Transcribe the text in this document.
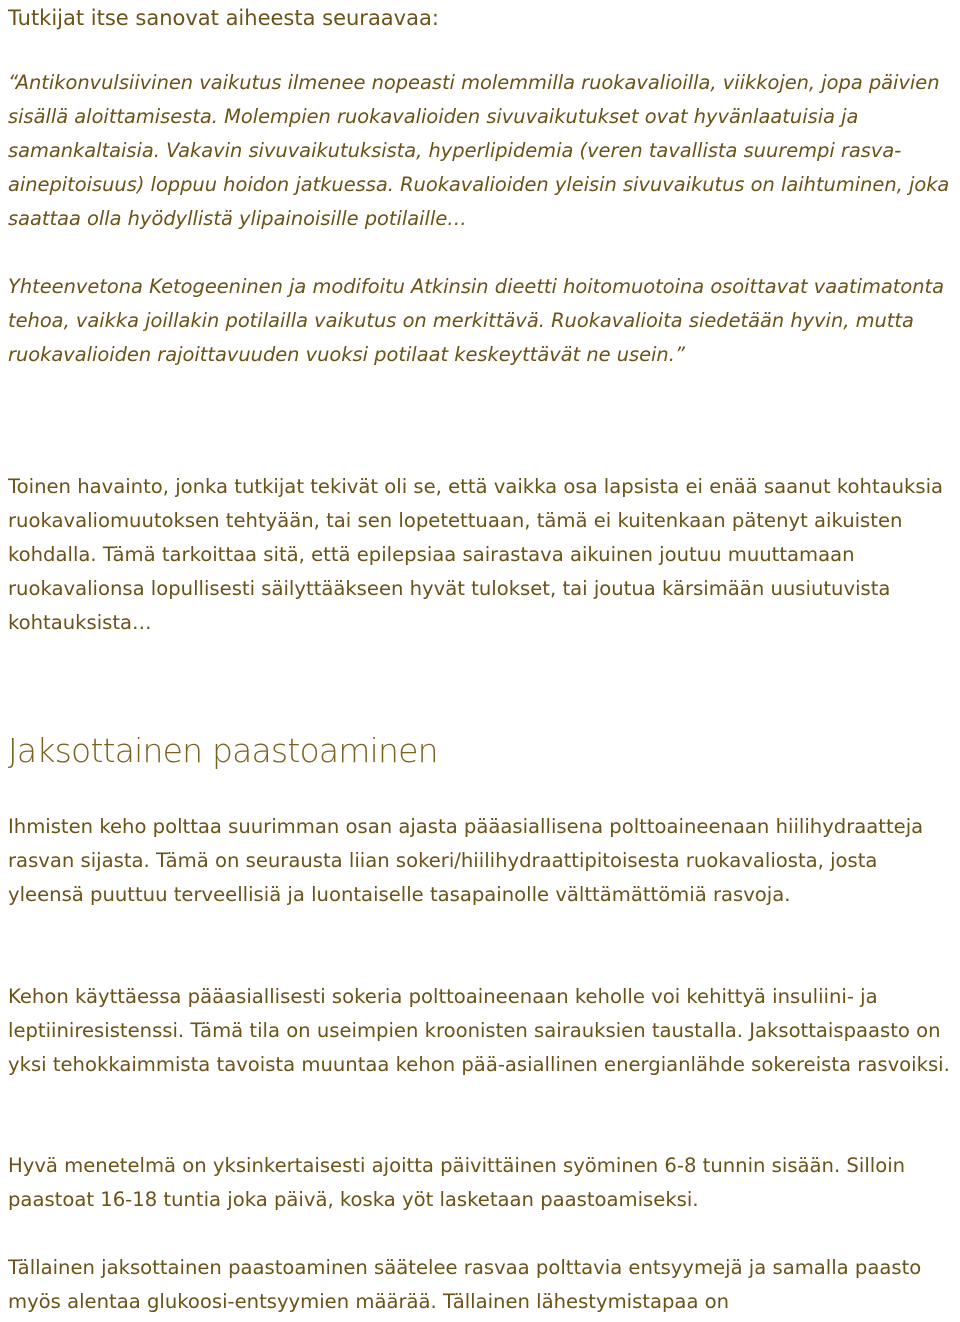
Tutkijat itse sanovat aiheesta seuraavaa:

“Antikonvulsiivinen vaikutus ilmenee nopeasti molemmilla ruokavalioilla, viikkojen, jopa päivien sisällä aloittamisesta. Molempien ruokavalioiden sivuvaikutukset ovat hyvänlaatuisia ja samankaltaisia. Vakavin sivuvaikutuksista, hyperlipidemia (veren tavallista suurempi rasva-ainepitoisuus) loppuu hoidon jatkuessa. Ruokavalioiden yleisin sivuvaikutus on laihtuminen, joka saattaa olla hyödyllistä ylipainoisille potilaille…

Yhteenvetona Ketogeeninen ja modifoitu Atkinsin dieetti hoitomuotoina osoittavat vaatimatonta tehoa, vaikka joillakin potilailla vaikutus on merkittävä. Ruokavalioita siedetään hyvin, mutta ruokavalioiden rajoittavuuden vuoksi potilaat keskeyttävät ne usein.”

Toinen havainto, jonka tutkijat tekivät oli se, että vaikka osa lapsista ei enää saanut kohtauksia ruokavaliomuutoksen tehtyään, tai sen lopetettuaan, tämä ei kuitenkaan pätenyt aikuisten kohdalla. Tämä tarkoittaa sitä, että epilepsiaa sairastava aikuinen joutuu muuttamaan ruokavalionsa lopullisesti säilyttääkseen hyvät tulokset, tai joutua kärsimään uusiutuvista kohtauksista…

Jaksottainen paastoaminen

Ihmisten keho polttaa suurimman osan ajasta pääasiallisena polttoaineenaan hiilihydraatteja rasvan sijasta. Tämä on seurausta liian sokeri/hiilihydraattipitoisesta ruokavaliosta, josta yleensä puuttuu terveellisiä ja luontaiselle tasapainolle välttämättömiä rasvoja.

Kehon käyttäessa pääasiallisesti sokeria polttoaineenaan keholle voi kehittyä insuliini- ja leptiiniresistenssi. Tämä tila on useimpien kroonisten sairauksien taustalla. Jaksottaispaasto on yksi tehokkaimmista tavoista muuntaa kehon pää-asiallinen energianlähde sokereista rasvoiksi.

Hyvä menetelmä on yksinkertaisesti ajoitta päivittäinen syöminen 6-8 tunnin sisään. Silloin paastoat 16-18 tuntia joka päivä, koska yöt lasketaan paastoamiseksi.

Tällainen jaksottainen paastoaminen säätelee rasvaa polttavia entsyymejä ja samalla paasto myös alentaa glukoosi-entsyymien määrää. Tällainen lähestymistapaa on
